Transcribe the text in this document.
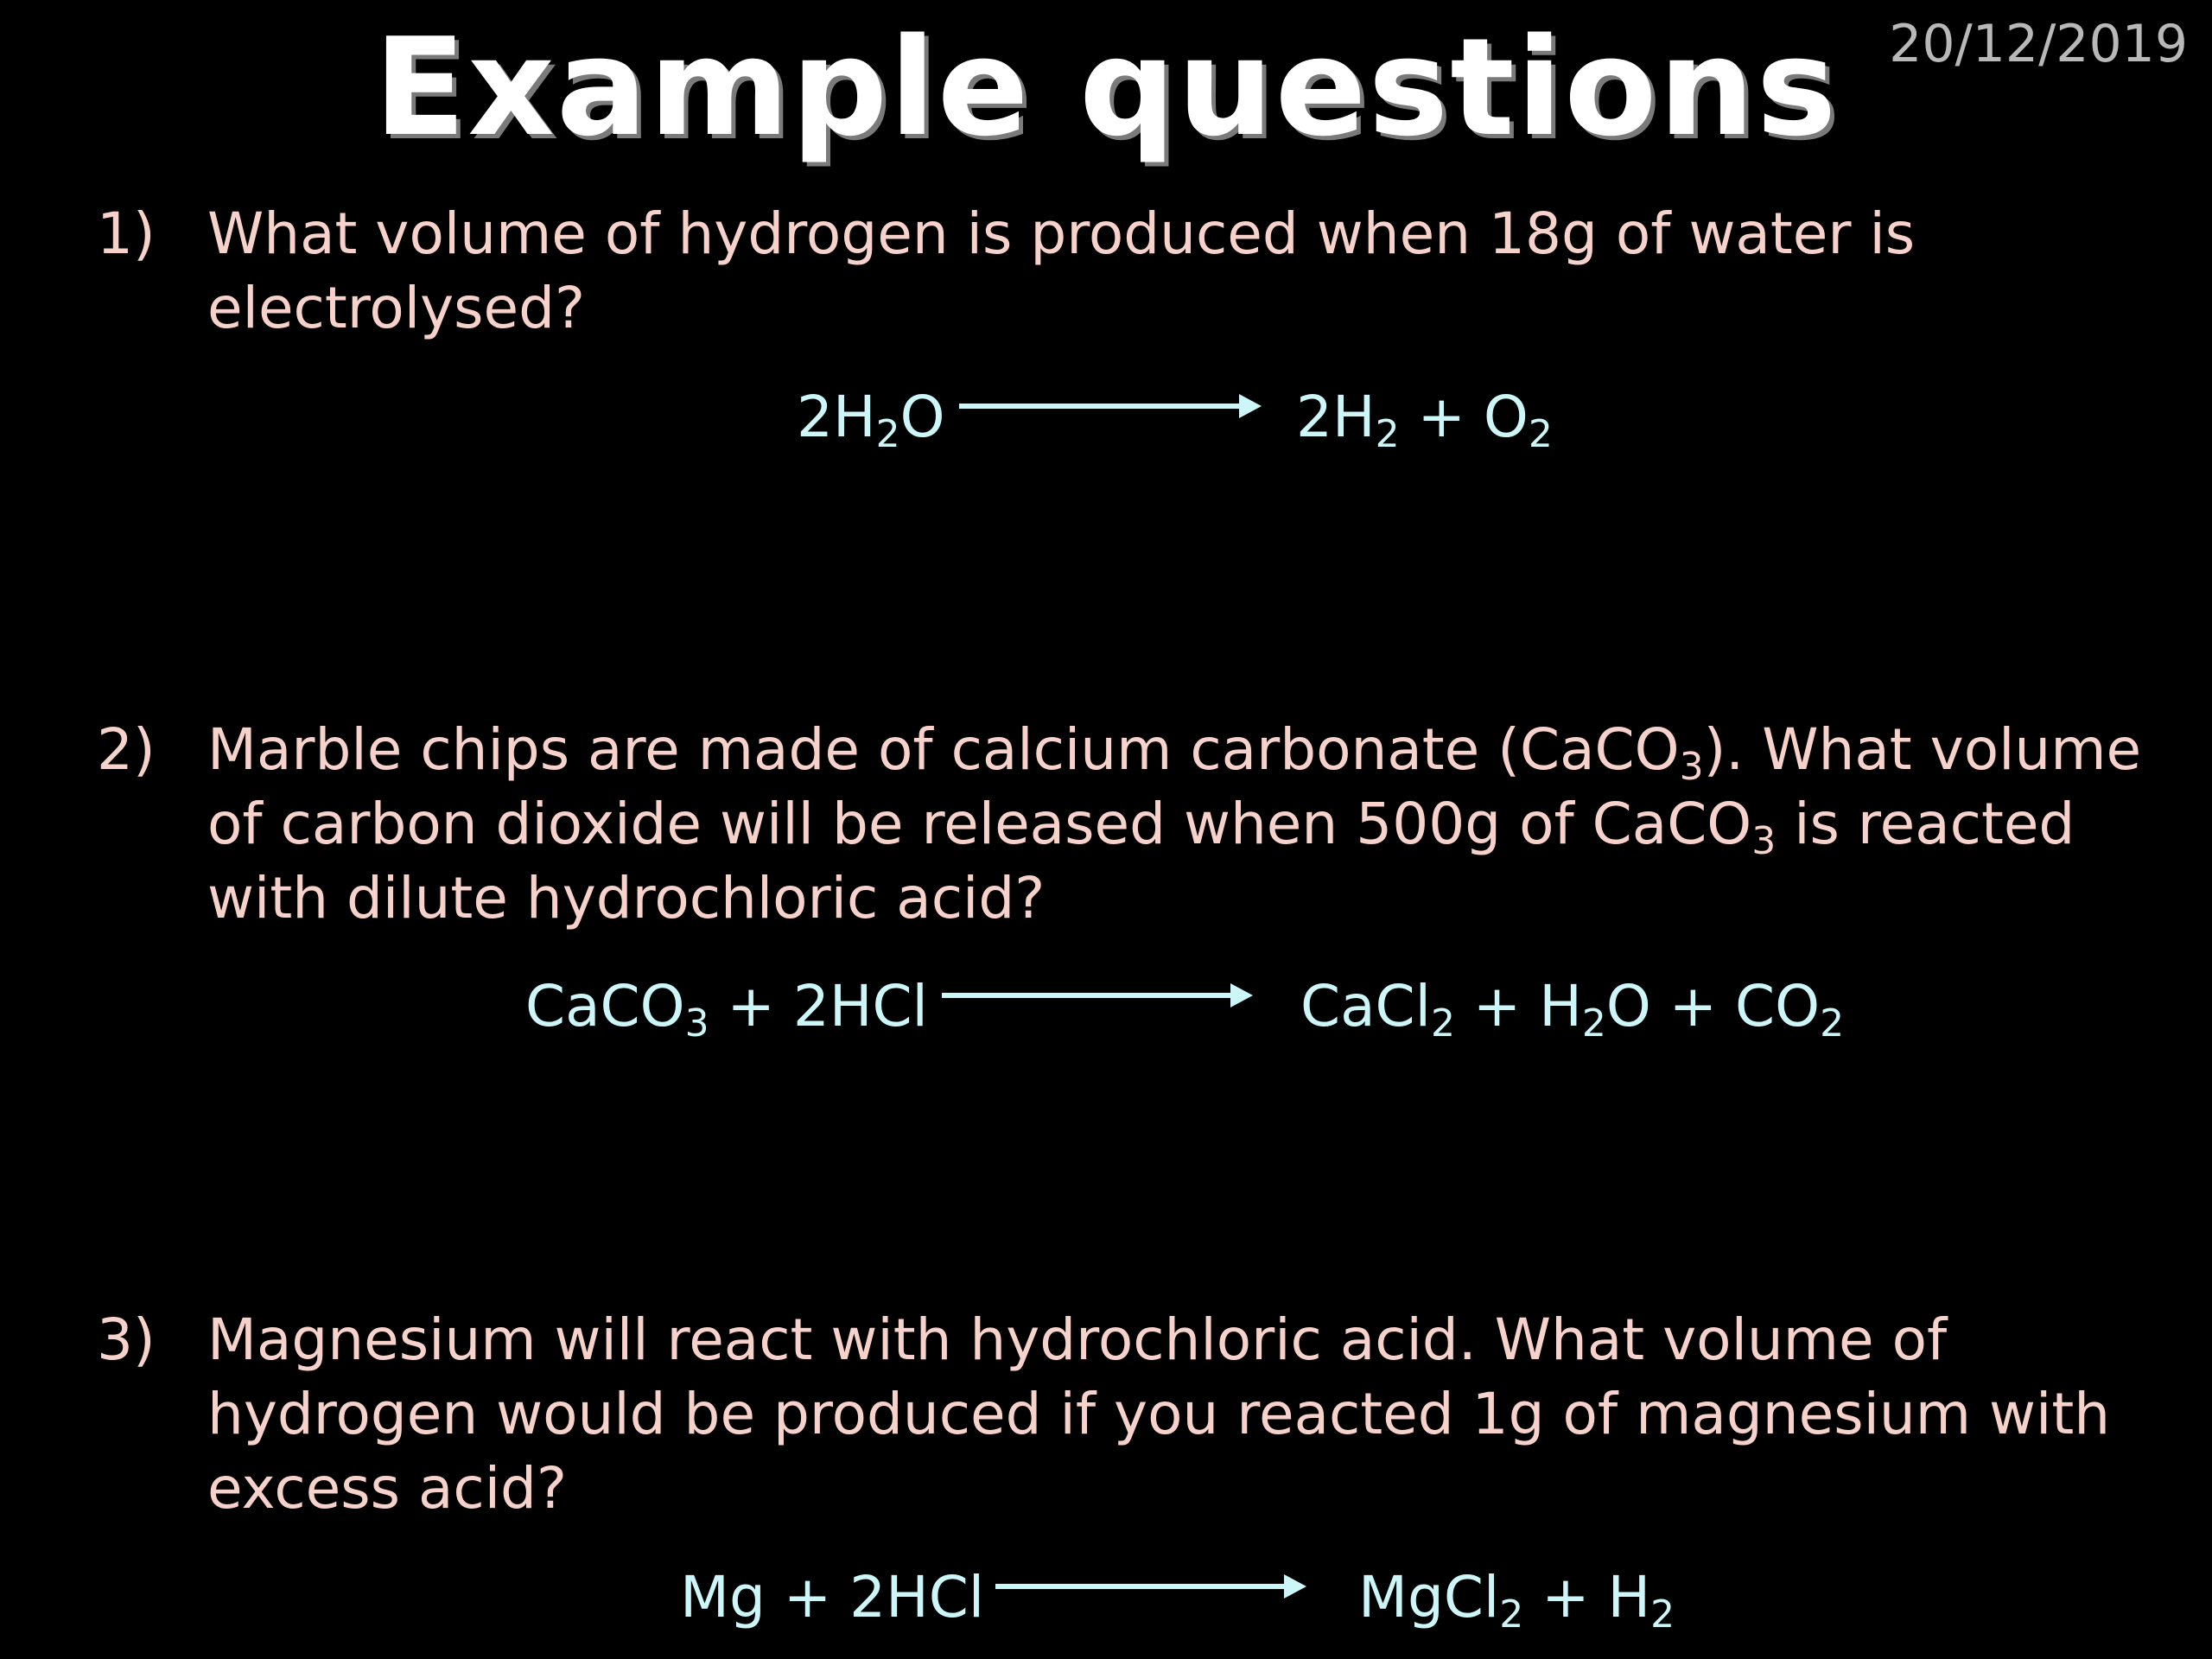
Example questions 20/12/2019
1) What volume of hydrogen is produced when 18g of water is electrolysed?
$2H_2O$	$2H_2 + O_2$
2) Marble chips are made of calcium carbonate (CaCO$_3$). What volume of carbon dioxide will be released when 500g of CaCO$_3$ is reacted with dilute hydrochloric acid?
CaCO$_3$ + 2HCl	CaCl$_2$ + $H_2O + CO_2$
3) Magnesium will react with hydrochloric acid. What volume of hydrogen would be produced if you reacted 1g of magnesium with excess acid?
Mg + 2HCl	MgCl$_2$ + $H_2$
